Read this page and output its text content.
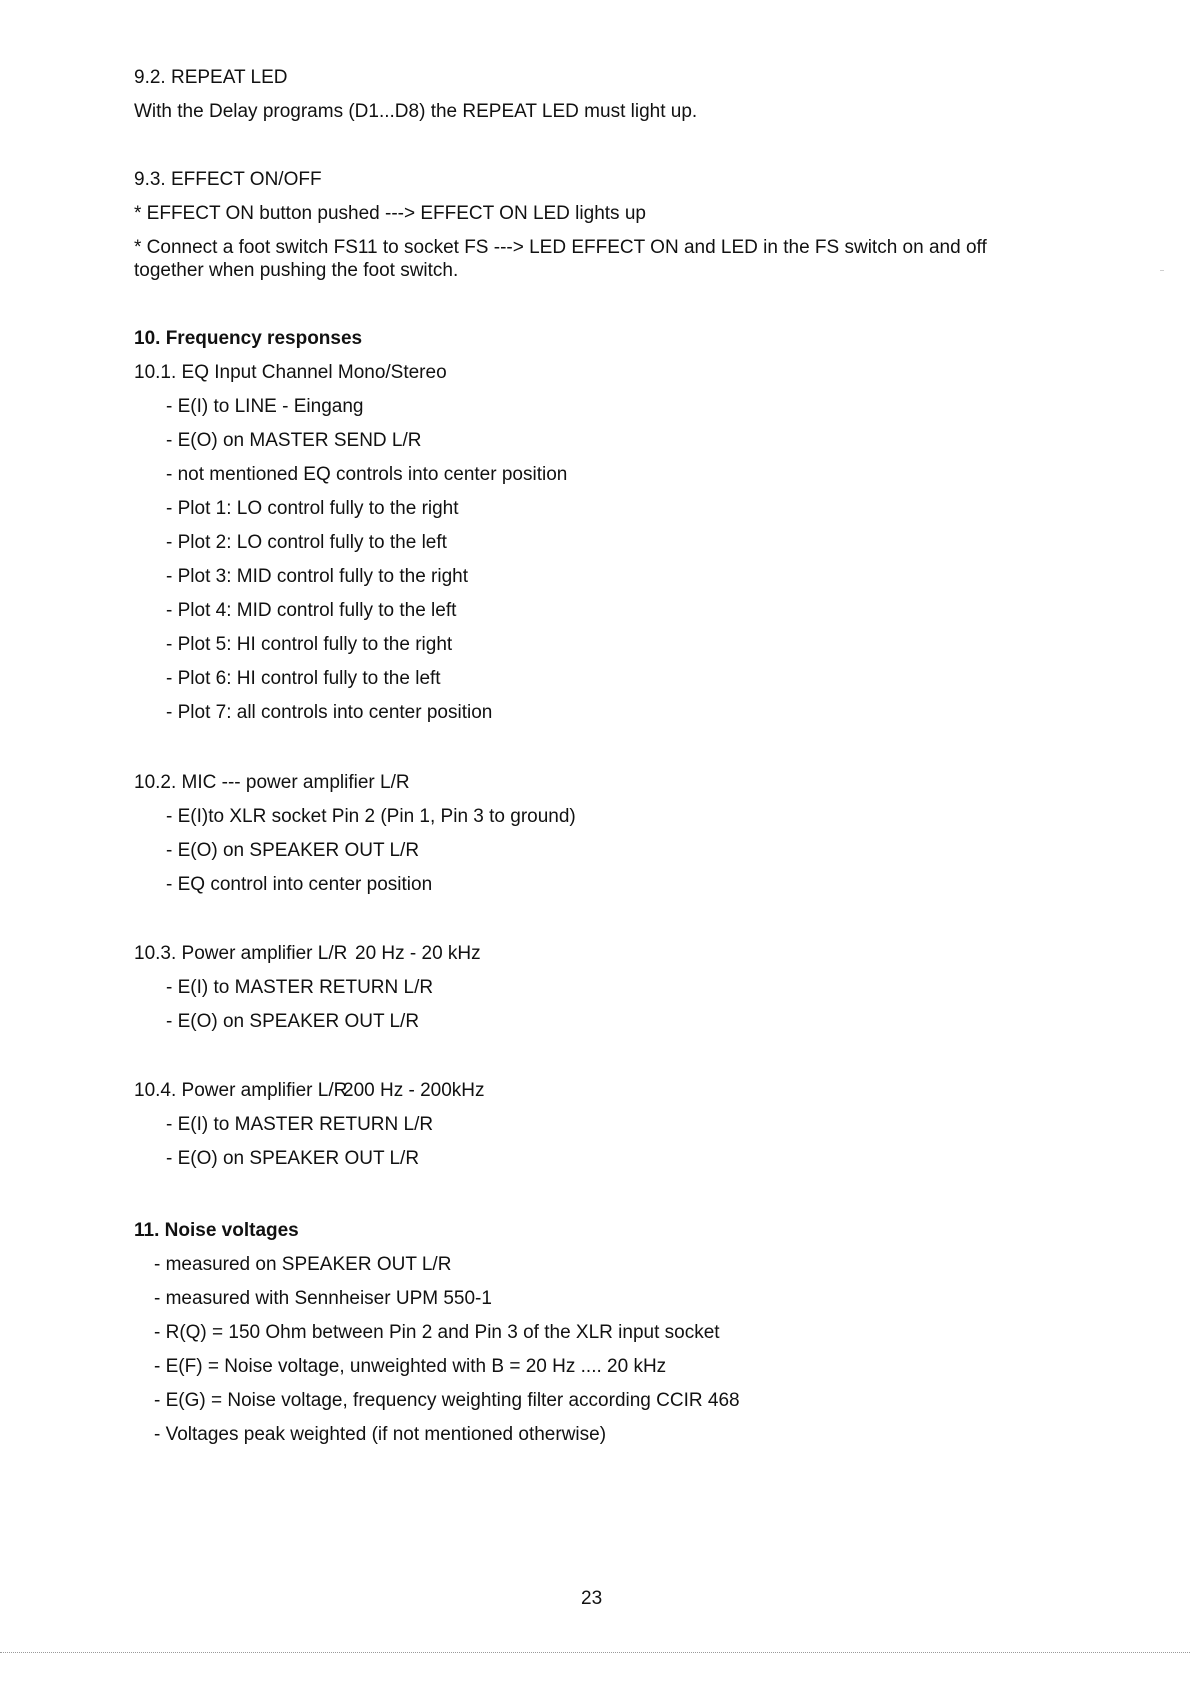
9.2. REPEAT LED
With the Delay programs (D1...D8) the REPEAT LED must light up.
9.3. EFFECT ON/OFF
* EFFECT ON button pushed ---> EFFECT ON LED lights up
* Connect a foot switch FS11 to socket FS ---> LED EFFECT ON and LED in the FS switch on and off
together when pushing the foot switch.
10. Frequency responses
10.1. EQ Input Channel Mono/Stereo
- E(I) to LINE - Eingang
- E(O) on MASTER SEND L/R
- not mentioned EQ controls into center position
- Plot 1: LO control fully to the right
- Plot 2: LO control fully to the left
- Plot 3: MID control fully to the right
- Plot 4: MID control fully to the left
- Plot 5: HI control fully to the right
- Plot 6: HI control fully to the left
- Plot 7: all controls into center position
10.2. MIC --- power amplifier L/R
- E(I)to XLR socket Pin 2 (Pin 1, Pin 3 to ground)
- E(O) on SPEAKER OUT L/R
- EQ control into center position
10.3. Power amplifier L/R 20 Hz - 20 kHz
- E(I) to MASTER RETURN L/R
- E(O) on SPEAKER OUT L/R
10.4. Power amplifier L/R
200 Hz - 200kHz
- E(I) to MASTER RETURN L/R
- E(O) on SPEAKER OUT L/R
11. Noise voltages
- measured on SPEAKER OUT L/R
- measured with Sennheiser UPM 550-1
- R(Q) = 150 Ohm between Pin 2 and Pin 3 of the XLR input socket
- E(F) = Noise voltage, unweighted with B = 20 Hz .... 20 kHz
- E(G) = Noise voltage, frequency weighting filter according CCIR 468
- Voltages peak weighted (if not mentioned otherwise)
23
